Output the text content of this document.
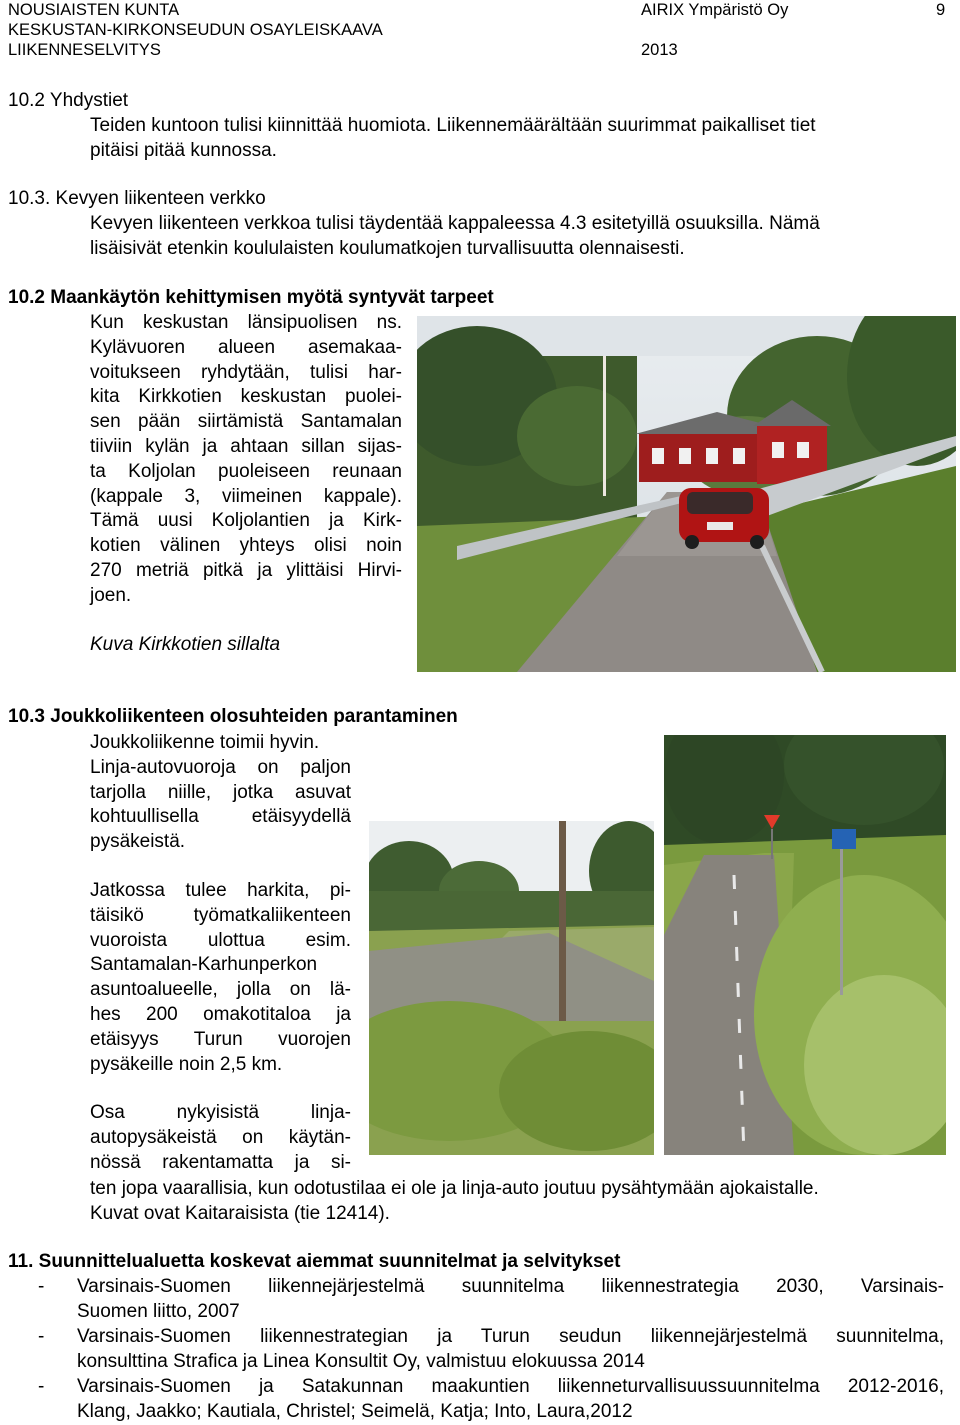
NOUSIAISTEN KUNTA
KESKUSTAN-KIRKONSEUDUN OSAYLEISKAAVA
LIIKENNESELVITYS
AIRIX Ympäristö Oy	9
2013
10.2 Yhdystiet
Teiden kuntoon tulisi kiinnittää huomiota. Liikennemäärältään suurimmat paikalliset tiet
pitäisi pitää kunnossa.
10.3. Kevyen liikenteen verkko
Kevyen liikenteen verkkoa tulisi täydentää kappaleessa 4.3 esitetyillä osuuksilla. Nämä
lisäisivät etenkin koululaisten koulumatkojen turvallisuutta olennaisesti.
10.2 Maankäytön kehittymisen myötä syntyvät tarpeet
Kun keskustan länsipuolisen ns.
Kylävuoren alueen asemakaa-
voitukseen ryhdytään, tulisi har-
kita Kirkkotien keskustan puolei-
sen pään siirtämistä Santamalan
tiiviin kylän ja ahtaan sillan sijas-
ta Koljolan puoleiseen reunaan
(kappale 3, viimeinen kappale).
Tämä uusi Koljolantien ja Kirk-
kotien välinen yhteys olisi noin
270 metriä pitkä ja ylittäisi Hirvi-
joen.
Kuva Kirkkotien sillalta
10.3 Joukkoliikenteen olosuhteiden parantaminen
Joukkoliikenne toimii hyvin.
Linja-autovuoroja on paljon
tarjolla niille, jotka asuvat
kohtuullisella etäisyydellä
pysäkeistä.
Jatkossa tulee harkita, pi-
täisikö työmatkaliikenteen
vuoroista ulottua esim.
Santamalan-Karhunperkon
asuntoalueelle, jolla on lä-
hes 200 omakotitaloa ja
etäisyys Turun vuorojen
pysäkeille noin 2,5 km.
Osa nykyisistä linja-
autopysäkeistä on käytän-
nössä rakentamatta ja si-
ten jopa vaarallisia, kun odotustilaa ei ole ja linja-auto joutuu pysähtymään ajokaistalle.
Kuvat ovat Kaitaraisista (tie 12414).
11. Suunnittelualuetta koskevat aiemmat suunnitelmat ja selvitykset
- Varsinais-Suomen liikennejärjestelmä suunnitelma liikennestrategia 2030, Varsinais-
Suomen liitto, 2007
- Varsinais-Suomen liikennestrategian ja Turun seudun liikennejärjestelmä suunnitelma,
konsulttina Strafica ja Linea Konsultit Oy, valmistuu elokuussa 2014
- Varsinais-Suomen ja Satakunnan maakuntien liikenneturvallisuussuunnitelma 2012-2016,
Klang, Jaakko; Kautiala, Christel; Seimelä, Katja; Into, Laura,2012
